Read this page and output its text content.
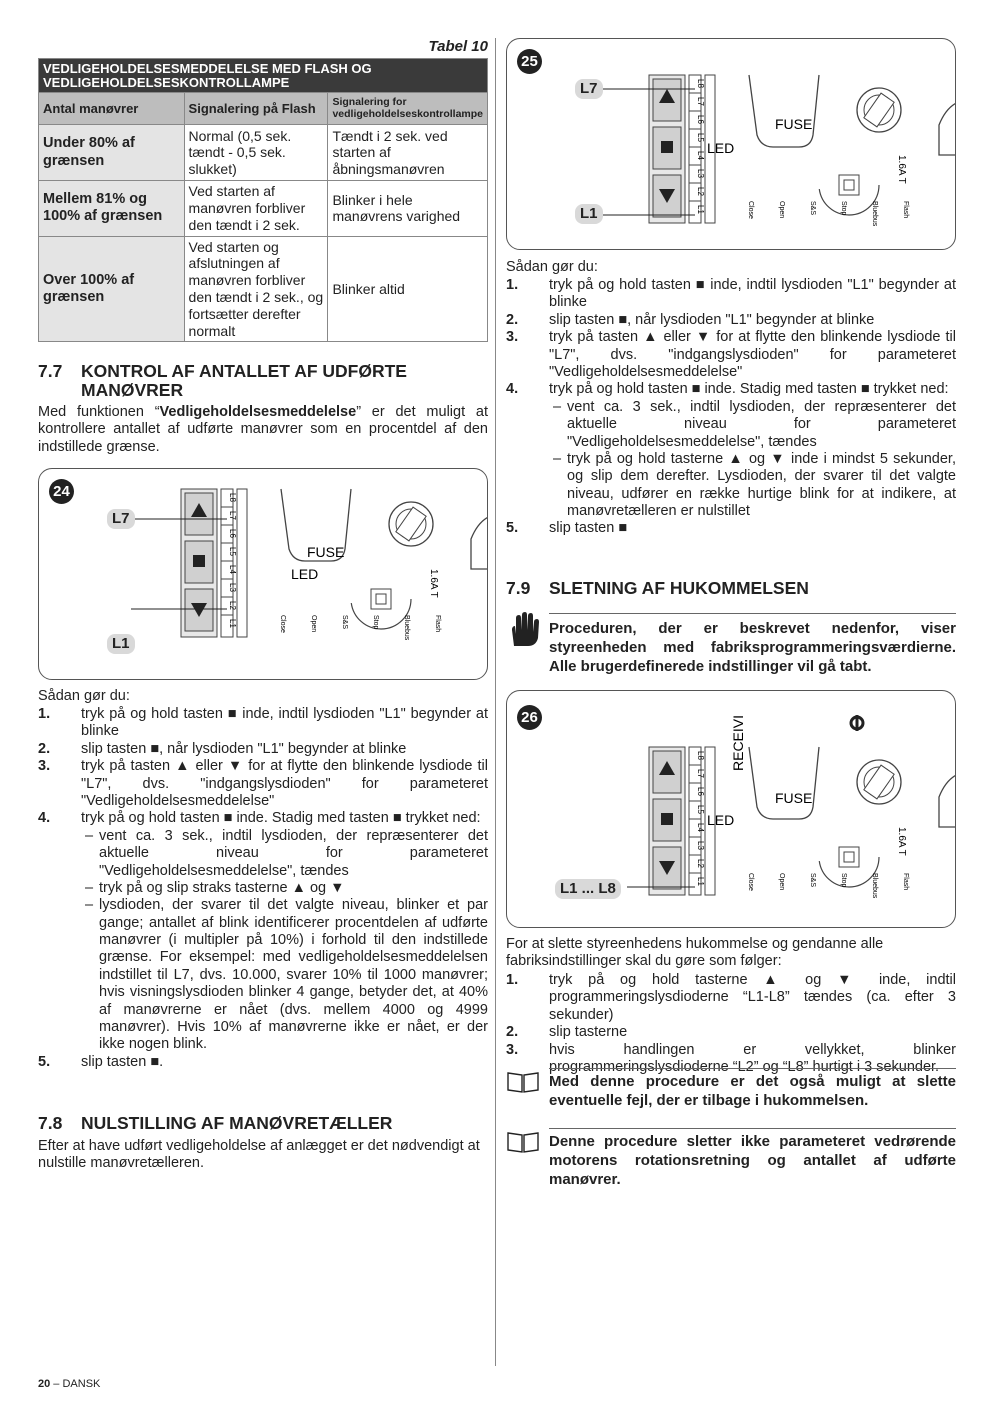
Tabel 10
VEDLIGEHOLDELSESMEDDELELSE MED FLASH OG
VEDLIGEHOLDELSESKONTROLLAMPE		

Antal manøvrer	Signalering på Flash	Signalering for
vedligeholdelseskontrollampe

Under 80% af grænsen	Normal (0,5 sek. tændt - 0,5 sek. slukket)	Tændt i 2 sek. ved starten af åbningsmanøvren
Mellem 81% og 100% af grænsen	Ved starten af manøvren forbliver den tændt i 2 sek.	Blinker i hele manøvrens varighed
Over 100% af grænsen	Ved starten og afslutningen af manøvren forbliver den tændt i 2 sek., og fortsætter derefter normalt	Blinker altid
7.7 KONTROL AF ANTALLET AF UDFØRTE
MANØVRER

Med funktionen “Vedligeholdelsesmeddelelse” er det muligt at kontrollere antallet af udførte manøvrer som en procentdel af den indstillede grænse.

24
LED
FUSE
L8
L7
L6
L5
L4
L3
L2
L1	Close	Open	S&S	Stop	Bluebus	Flash
1.6A T
L7
L1
Sådan gør du:
1. tryk på og hold tasten ■ inde, indtil lysdioden "L1" begynder at blinke
2. slip tasten ■, når lysdioden "L1" begynder at blinke
3. tryk på tasten ▲ eller ▼ for at flytte den blinkende lysdiode til "L7", dvs. "indgangslysdioden" for parameteret "Vedligeholdelsesmeddelelse"
4. tryk på og hold tasten ■ inde. Stadig med tasten ■ trykket ned:
– vent ca. 3 sek., indtil lysdioden, der repræsenterer det aktuelle niveau for parameteret "Vedligeholdelsesmeddelelse", tændes
– tryk på og slip straks tasterne ▲ og ▼
– lysdioden, der svarer til det valgte niveau, blinker et par gange; antallet af blink identificerer procentdelen af udførte manøvrer (i multipler på 10%) i forhold til den indstillede grænse. For eksempel: med vedligeholdelsesmeddelelsen indstillet til L7, dvs. 10.000, svarer 10% til 1000 manøvrer; hvis visningslysdioden blinker 4 gange, betyder det, at 40% af manøvrerne er nået (dvs. mellem 4000 og 4999 manøvrer). Hvis 10% af manøvrerne ikke er nået, er der ikke nogen blink.
5. slip tasten ■.
7.8 NULSTILLING AF MANØVRETÆLLER

Efter at have udført vedligeholdelse af anlægget er det nødvendigt at nulstille manøvretælleren.

25
LED
FUSE
L8
L7
L6
L5
L4
L3
L2
L1	Close	Open	S&S	Stop	Bluebus	Flash
1.6A T
L7
L1
Sådan gør du:
1. tryk på og hold tasten ■ inde, indtil lysdioden "L1" begynder at blinke
2. slip tasten ■, når lysdioden "L1" begynder at blinke
3. tryk på tasten ▲ eller ▼ for at flytte den blinkende lysdiode til "L7", dvs. "indgangslysdioden" for parameteret "Vedligeholdelsesmeddelelse"
4. tryk på og hold tasten ■ inde. Stadig med tasten ■ trykket ned:
– vent ca. 3 sek., indtil lysdioden, der repræsenterer det aktuelle niveau for parameteret "Vedligeholdelsesmeddelelse", tændes
– tryk på og hold tasterne ▲ og ▼ inde i mindst 5 sekunder, og slip dem derefter. Lysdioden, der svarer til det valgte niveau, udfører en række hurtige blink for at indikere, at manøvretælleren er nulstillet
5. slip tasten ■
7.9 SLETNING AF HUKOMMELSEN
Proceduren, der er beskrevet nedenfor, viser styreenheden med fabriksprogrammeringsværdierne. Alle brugerdefinerede indstillinger vil gå tabt.
26
LED
FUSE
RECEIVI
L8
L7
L6
L5
L4
L3
L2
L1	Close	Open	S&S	Stop	Bluebus	Flash
1.6A T
L1 ... L8

For at slette styreenhedens hukommelse og gendanne alle fabriksindstillinger skal du gøre som følger:

1. tryk på og hold tasterne ▲ og ▼ inde, indtil programmeringslysdioderne “L1-L8” tændes (ca. efter 3 sekunder)
2. slip tasterne
3. hvis handlingen er vellykket, blinker programmeringslysdioderne “L2” og “L8” hurtigt i 3 sekunder.
Med denne procedure er det også muligt at slette eventuelle fejl, der er tilbage i hukommelsen.
Denne procedure sletter ikke parameteret vedrørende motorens rotationsretning og antallet af udførte manøvrer.
20 – DANSK
